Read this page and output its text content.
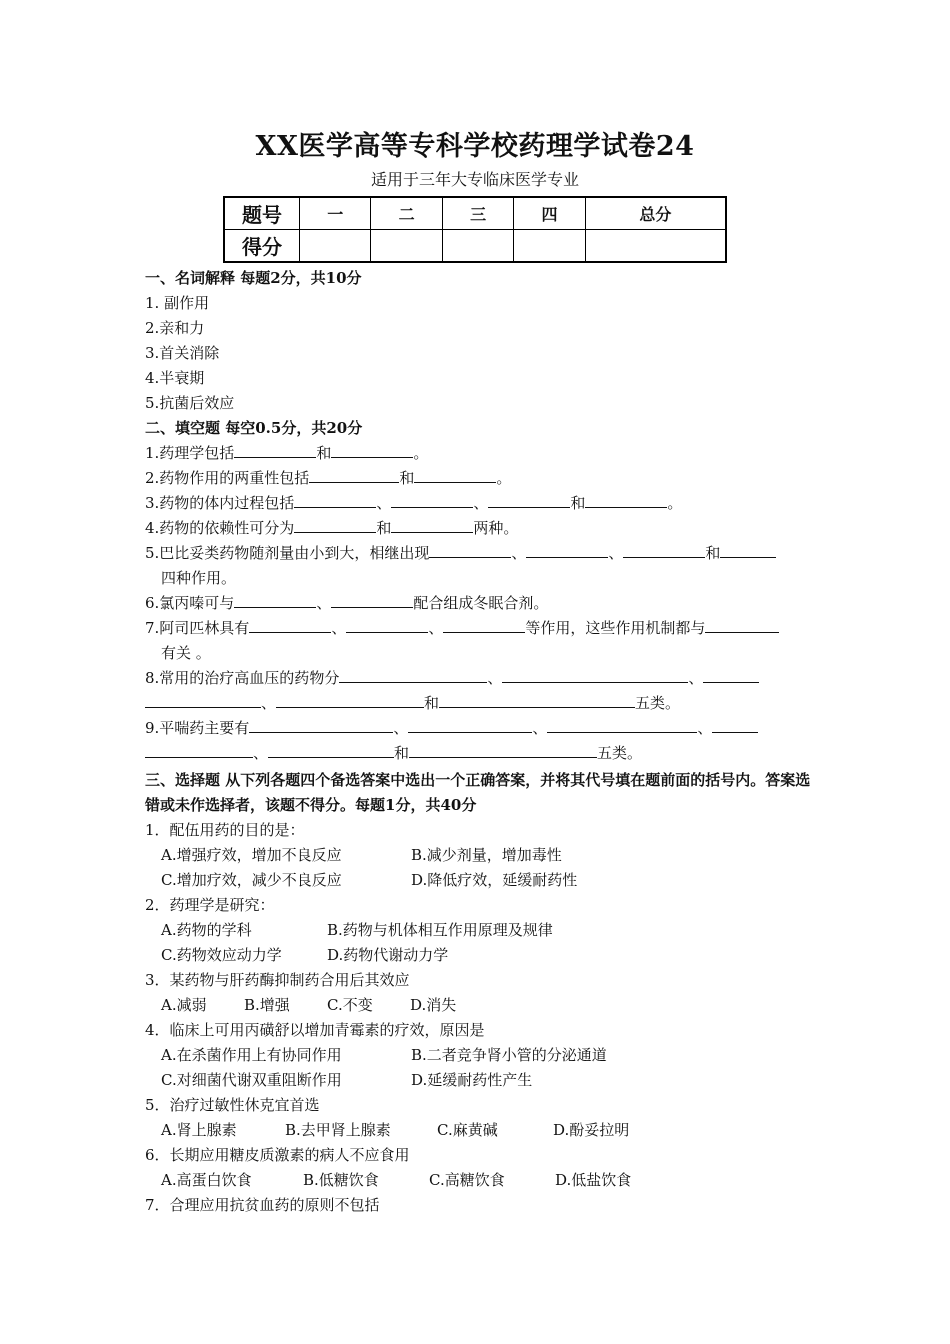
XX医学高等专科学校药理学试卷24
适用于三年大专临床医学专业
题号	一	二	三	四	总分
得分					
一、名词解释 每题2分，共10分
1. 副作用
2.亲和力
3.首关消除
4.半衰期
5.抗菌后效应
二、填空题 每空0.5分，共20分
1.药理学包括	和	。
2.药物作用的两重性包括	和	。
3.药物的体内过程包括	、	、	和	。
4.药物的依赖性可分为	和	两种。
5.巴比妥类药物随剂量由小到大，相继出现	、	、	和
四种作用。
6.氯丙嗪可与	、	配合组成冬眠合剂。
7.阿司匹林具有	、	、	等作用，这些作用机制都与
有关 。
8.常用的治疗高血压的药物分	、	、
、	和	五类。
9.平喘药主要有	、	、	、
、	和	五类。
三、选择题 从下列各题四个备选答案中选出一个正确答案，并将其代号填在题前面的括号内。答案选错或未作选择者，该题不得分。每题1分，共40分
1．配伍用药的目的是：
A.增强疗效，增加不良反应	B.减少剂量，增加毒性
C.增加疗效，减少不良反应	D.降低疗效，延缓耐药性
2．药理学是研究：
A.药物的学科	B.药物与机体相互作用原理及规律
C.药物效应动力学	D.药物代谢动力学
3．某药物与肝药酶抑制药合用后其效应
A.减弱 B.增强 C.不变 D.消失
4．临床上可用丙磺舒以增加青霉素的疗效，原因是
A.在杀菌作用上有协同作用	B.二者竞争肾小管的分泌通道
C.对细菌代谢双重阻断作用	D.延缓耐药性产生
5．治疗过敏性休克宜首选
A.肾上腺素	B.去甲肾上腺素	C.麻黄碱	D.酚妥拉明
6．长期应用糖皮质激素的病人不应食用
A.高蛋白饮食	B.低糖饮食	C.高糖饮食	D.低盐饮食
7．合理应用抗贫血药的原则不包括
